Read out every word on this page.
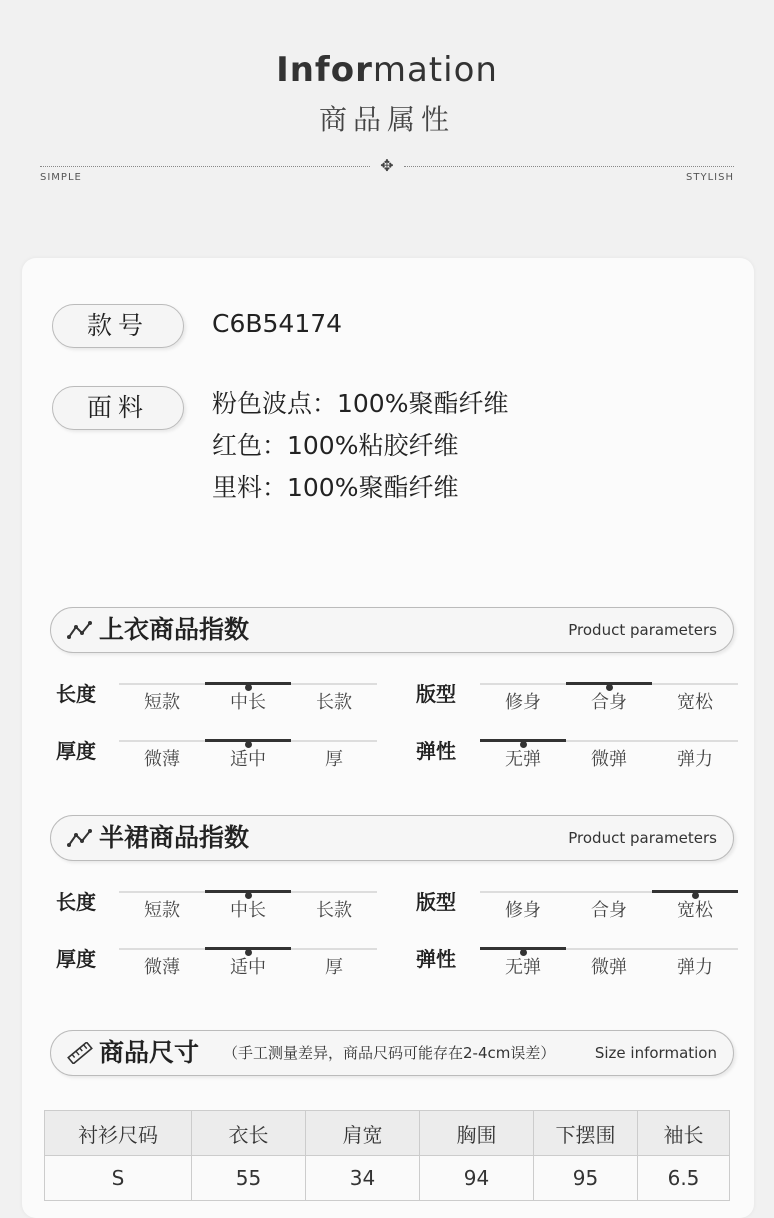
Information
商品属性
✥
SIMPLE	STYLISH
款号	C6B54174
面料	粉色波点：100%聚酯纤维
红色：100%粘胶纤维
里料：100%聚酯纤维
上衣商品指数	Product parameters
长度	短款	中长	长款
厚度	微薄	适中	厚
版型	修身	合身	宽松
弹性	无弹	微弹	弹力
半裙商品指数	Product parameters
长度	短款	中长	长款
厚度	微薄	适中	厚
版型	修身	合身	宽松
弹性	无弹	微弹	弹力
商品尺寸 （手工测量差异，商品尺码可能存在2-4cm误差）	Size information
衬衫尺码	衣长	肩宽	胸围	下摆围	袖长
S	55	34	94	95	6.5
